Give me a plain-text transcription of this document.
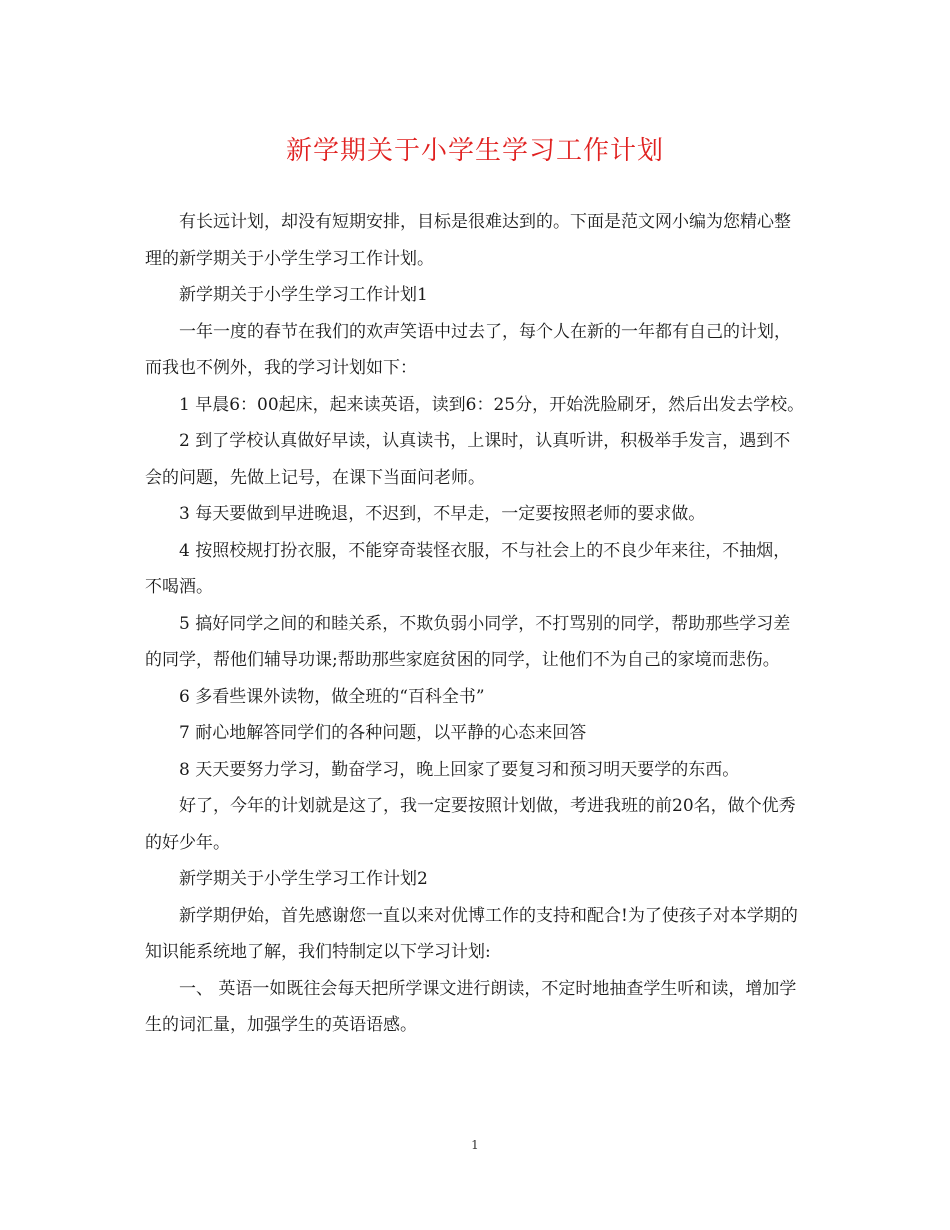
新学期关于小学生学习工作计划

有长远计划，却没有短期安排，目标是很难达到的。下面是范文网小编为您精心整理的新学期关于小学生学习工作计划。

新学期关于小学生学习工作计划1

一年一度的春节在我们的欢声笑语中过去了，每个人在新的一年都有自己的计划，而我也不例外，我的学习计划如下：

1 早晨6：00起床，起来读英语，读到6：25分，开始洗脸刷牙，然后出发去学校。

2 到了学校认真做好早读，认真读书，上课时，认真听讲，积极举手发言，遇到不会的问题，先做上记号，在课下当面问老师。

3 每天要做到早进晚退，不迟到，不早走，一定要按照老师的要求做。

4 按照校规打扮衣服，不能穿奇装怪衣服，不与社会上的不良少年来往，不抽烟，不喝酒。

5 搞好同学之间的和睦关系，不欺负弱小同学，不打骂别的同学，帮助那些学习差的同学，帮他们辅导功课;帮助那些家庭贫困的同学，让他们不为自己的家境而悲伤。

6 多看些课外读物，做全班的“百科全书”

7 耐心地解答同学们的各种问题，以平静的心态来回答

8 天天要努力学习，勤奋学习，晚上回家了要复习和预习明天要学的东西。

好了，今年的计划就是这了，我一定要按照计划做，考进我班的前20名，做个优秀的好少年。

新学期关于小学生学习工作计划2

新学期伊始，首先感谢您一直以来对优博工作的支持和配合!为了使孩子对本学期的知识能系统地了解，我们特制定以下学习计划:

一、 英语一如既往会每天把所学课文进行朗读，不定时地抽查学生听和读，增加学生的词汇量，加强学生的英语语感。

1
